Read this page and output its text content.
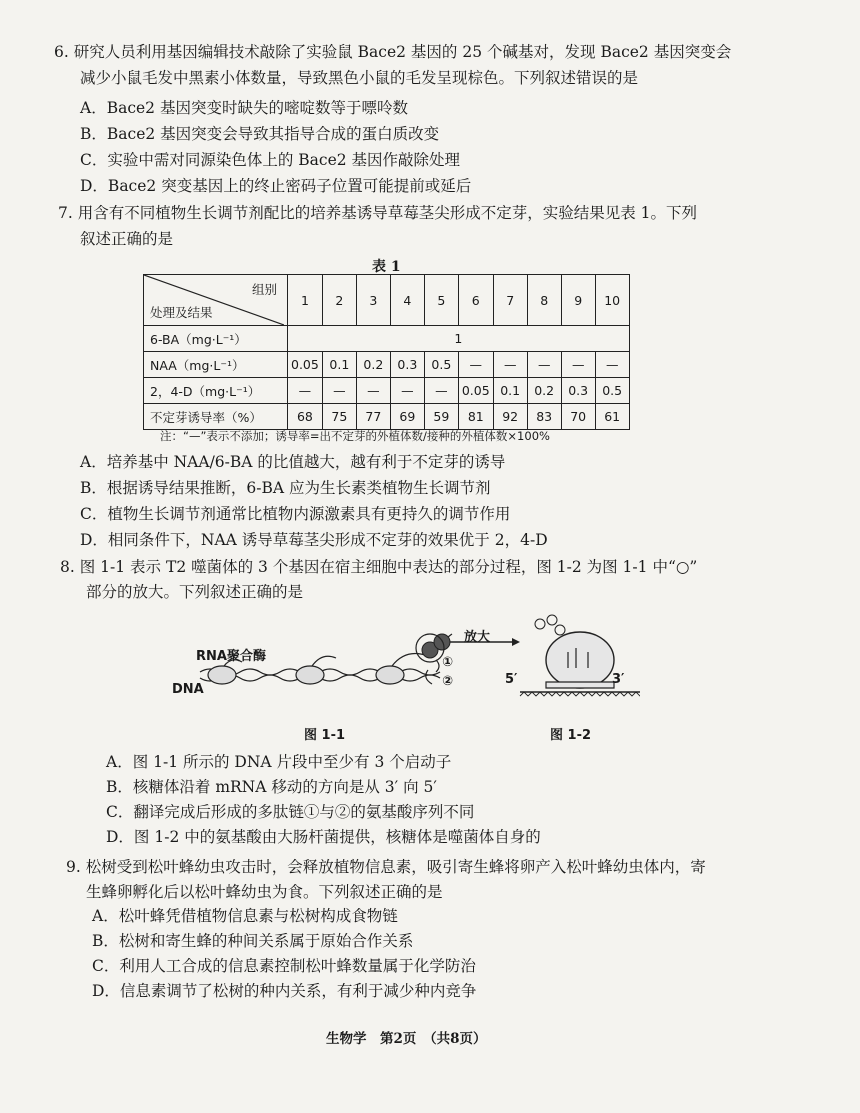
6. 研究人员利用基因编辑技术敲除了实验鼠 Bace2 基因的 25 个碱基对，发现 Bace2 基因突变会
减少小鼠毛发中黑素小体数量，导致黑色小鼠的毛发呈现棕色。下列叙述错误的是
A．Bace2 基因突变时缺失的嘧啶数等于嘌呤数
B．Bace2 基因突变会导致其指导合成的蛋白质改变
C．实验中需对同源染色体上的 Bace2 基因作敲除处理
D．Bace2 突变基因上的终止密码子位置可能提前或延后
7. 用含有不同植物生长调节剂配比的培养基诱导草莓茎尖形成不定芽，实验结果见表 1。下列
叙述正确的是
表 1
组别
处理及结果	1	2	3	4	5	6	7	8	9	10
6-BA（mg·L⁻¹）	1									
NAA（mg·L⁻¹）	0.05	0.1	0.2	0.3	0.5	—	—	—	—	—
2，4-D（mg·L⁻¹）	—	—	—	—	—	0.05	0.1	0.2	0.3	0.5
不定芽诱导率（%）	68	75	77	69	59	81	92	83	70	61
注：“—”表示不添加；诱导率=出不定芽的外植体数/接种的外植体数×100%
A．培养基中 NAA/6-BA 的比值越大，越有利于不定芽的诱导
B．根据诱导结果推断，6-BA 应为生长素类植物生长调节剂
C．植物生长调节剂通常比植物内源激素具有更持久的调节作用
D．相同条件下，NAA 诱导草莓茎尖形成不定芽的效果优于 2，4-D
8. 图 1-1 表示 T2 噬菌体的 3 个基因在宿主细胞中表达的部分过程，图 1-2 为图 1-1 中“○”
部分的放大。下列叙述正确的是
RNA聚合酶
DNA
放大
①
②	5′	3′
图 1-1	图 1-2
A．图 1-1 所示的 DNA 片段中至少有 3 个启动子
B．核糖体沿着 mRNA 移动的方向是从 3′ 向 5′
C．翻译完成后形成的多肽链①与②的氨基酸序列不同
D．图 1-2 中的氨基酸由大肠杆菌提供，核糖体是噬菌体自身的
9. 松树受到松叶蜂幼虫攻击时，会释放植物信息素，吸引寄生蜂将卵产入松叶蜂幼虫体内，寄
生蜂卵孵化后以松叶蜂幼虫为食。下列叙述正确的是
A．松叶蜂凭借植物信息素与松树构成食物链
B．松树和寄生蜂的种间关系属于原始合作关系
C．利用人工合成的信息素控制松叶蜂数量属于化学防治
D．信息素调节了松树的种内关系，有利于减少种内竞争
生物学　第2页　（共8页）
